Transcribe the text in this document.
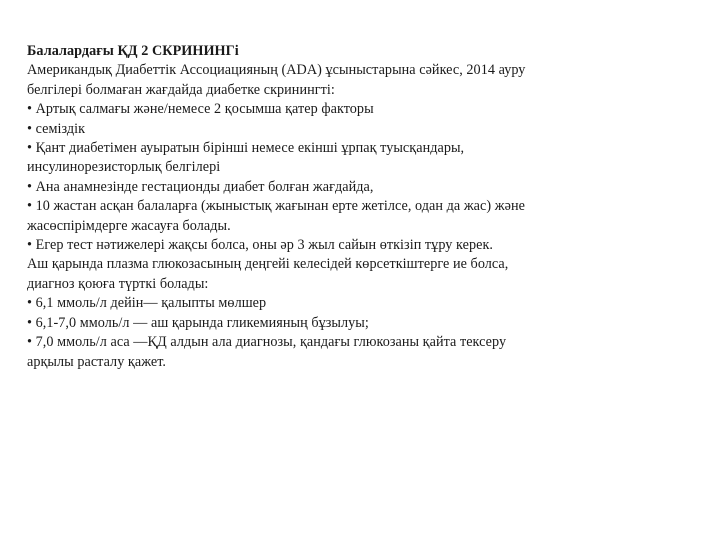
Балалардағы ҚД 2 СКРИНИНГі
Американдық Диабеттік Ассоциацияның (ADA) ұсыныстарына сәйкес, 2014 ауру
белгілері болмаған жағдайда диабетке скринингті:
• Артық салмағы және/немесе 2 қосымша қатер факторы
• семіздік
• Қант диабетімен ауыратын бірінші немесе екінші ұрпақ туысқандары,
инсулинорезисторлық белгілері
• Ана анамнезінде гестационды диабет болған жағдайда,
• 10 жастан асқан балаларға (жыныстық жағынан ерте жетілсе, одан да жас) және
жасөспірімдерге жасауға болады.
• Егер тест нәтижелері жақсы болса, оны әр 3 жыл сайын өткізіп тұру керек.
Аш қарында плазма глюкозасының деңгейі келесідей көрсеткіштерге ие болса,
диагноз қоюға түрткі болады:
• 6,1 ммоль/л дейін— қалыпты мөлшер
• 6,1-7,0 ммоль/л — аш қарында гликемияның бұзылуы;
• 7,0 ммоль/л аса —ҚД алдын ала диагнозы, қандағы глюкозаны қайта тексеру
арқылы расталу қажет.
